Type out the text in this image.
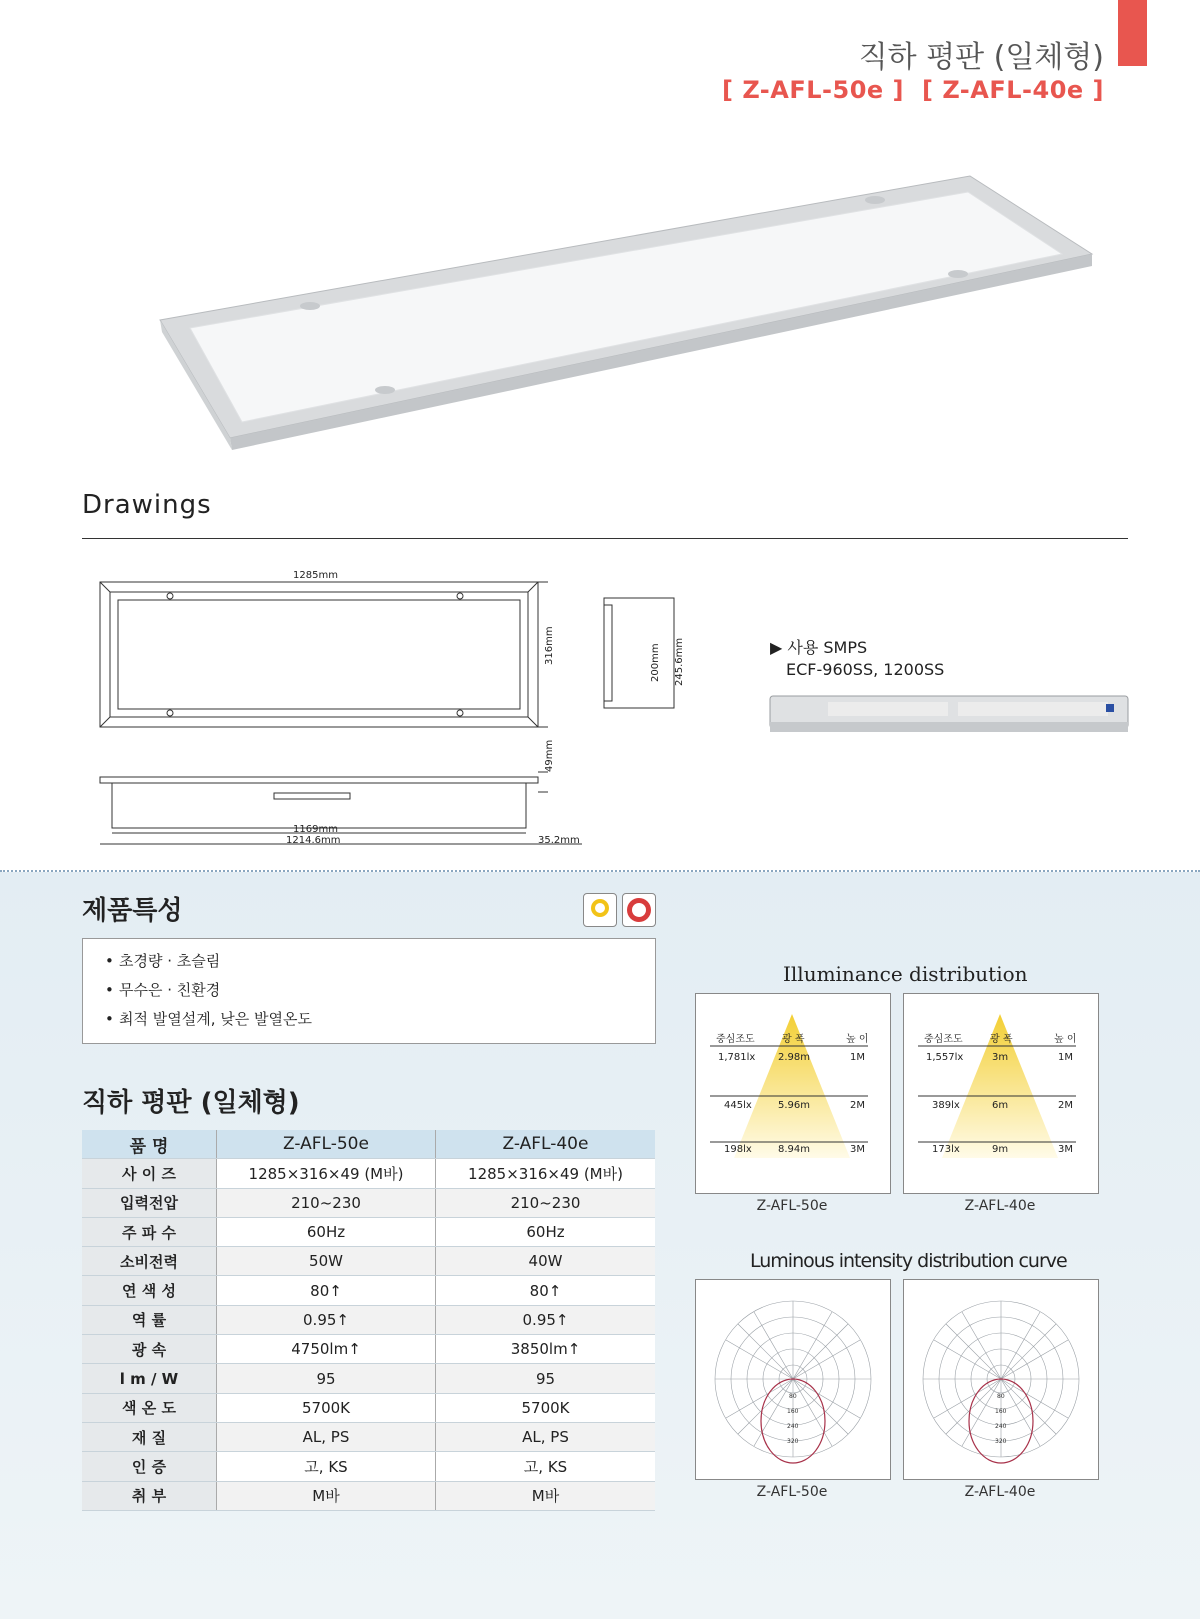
직하 평판 (일체형)
[ Z-AFL-50e ] [ Z-AFL-40e ]
Drawings
1285mm
316mm	200mm 245.6mm
49mm
1169mm
1214.6mm	35.2mm
▶ 사용 SMPS
ECF-960SS, 1200SS
제품특성
• 초경량 · 초슬림
• 무수은 · 친환경
• 최적 발열설계, 낮은 발열온도
직하 평판 (일체형)
품 명	Z-AFL-50e	Z-AFL-40e
사 이 즈	1285×316×49 (M바)	1285×316×49 (M바)
입력전압	210~230	210~230
주 파 수	60Hz	60Hz
소비전력	50W	40W
연 색 성	80↑	80↑
역 률	0.95↑	0.95↑
광 속	4750lm↑	3850lm↑
l m / W	95	95
색 온 도	5700K	5700K
재 질	AL, PS	AL, PS
인 증	고, KS	고, KS
취 부	M바	M바
Illuminance distribution
중심조도	광 폭	높 이
1,781lx 2.98m	1M
445lx	5.96m	2M
198lx	8.94m	3M
Z-AFL-50e
중심조도	광 폭	높 이
1,557lx	3m	1M
389lx	6m	2M
173lx	9m	3M
Z-AFL-40e
Luminous intensity distribution curve
80
160
240
320
Z-AFL-50e
80
160
240
320
Z-AFL-40e
